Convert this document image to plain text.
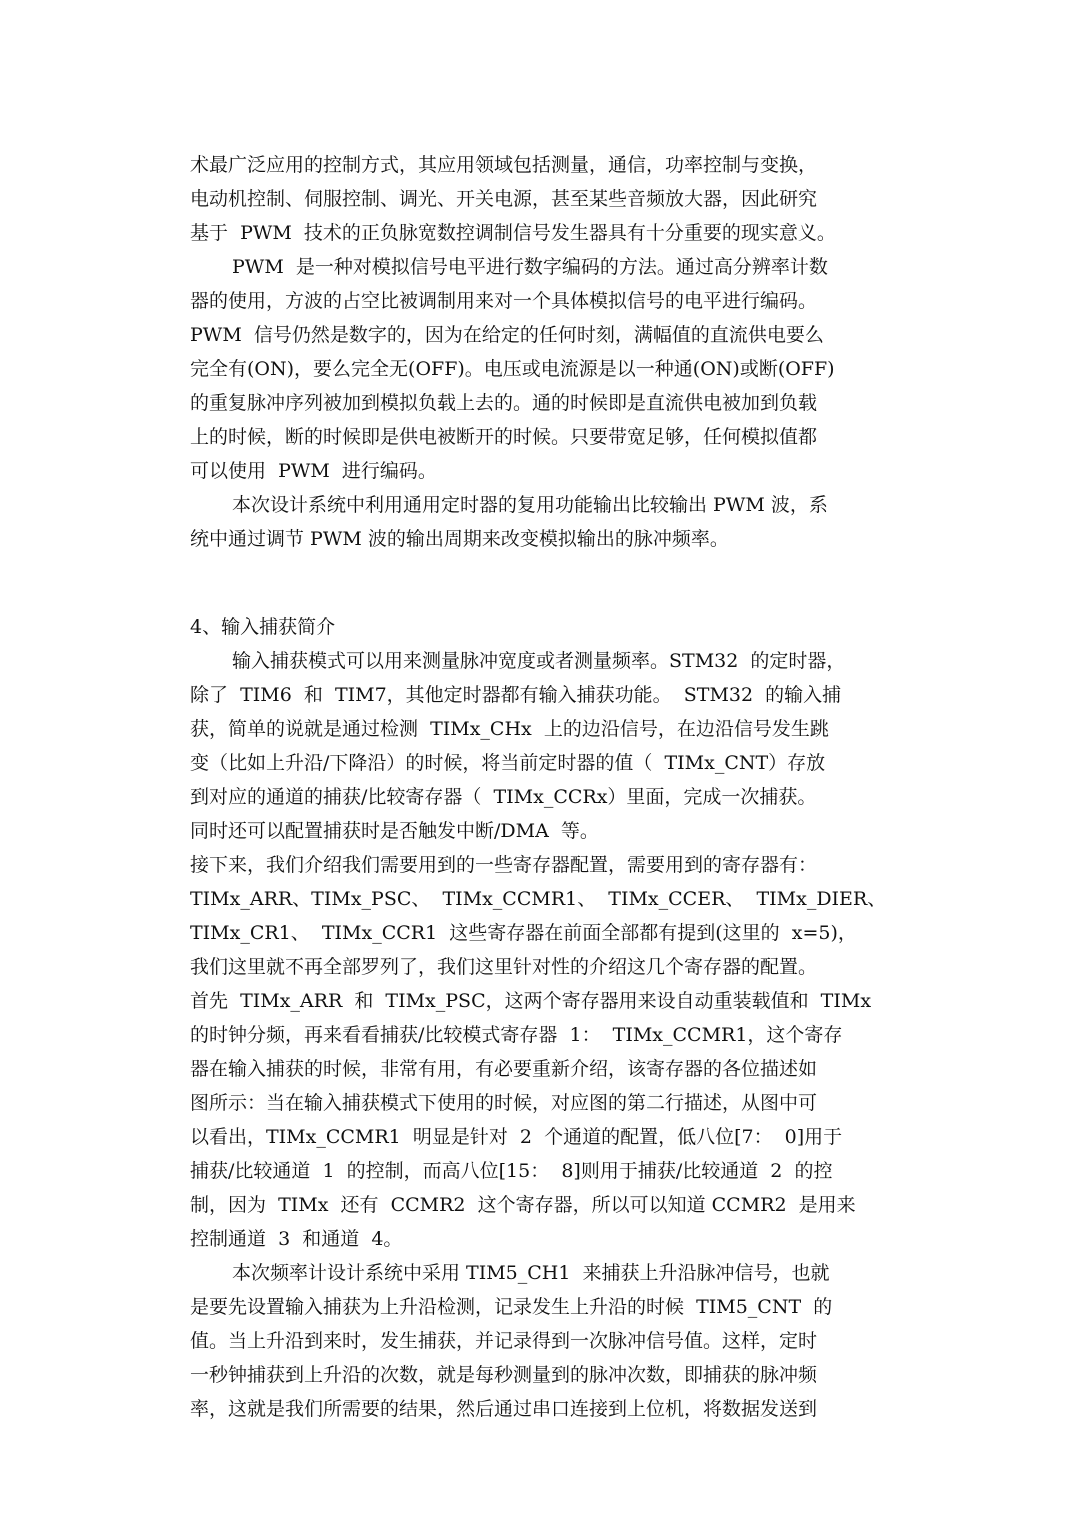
术最广泛应用的控制方式，其应用领域包括测量，通信，功率控制与变换，
电动机控制、伺服控制、调光、开关电源，甚至某些音频放大器，因此研究
基于  PWM  技术的正负脉宽数控调制信号发生器具有十分重要的现实意义。
PWM  是一种对模拟信号电平进行数字编码的方法。通过高分辨率计数
器的使用，方波的占空比被调制用来对一个具体模拟信号的电平进行编码。
PWM  信号仍然是数字的，因为在给定的任何时刻，满幅值的直流供电要么
完全有(ON)，要么完全无(OFF)。电压或电流源是以一种通(ON)或断(OFF)
的重复脉冲序列被加到模拟负载上去的。通的时候即是直流供电被加到负载
上的时候，断的时候即是供电被断开的时候。只要带宽足够，任何模拟值都
可以使用  PWM  进行编码。
本次设计系统中利用通用定时器的复用功能输出比较输出 PWM 波，系
统中通过调节 PWM 波的输出周期来改变模拟输出的脉冲频率。
4、输入捕获简介
输入捕获模式可以用来测量脉冲宽度或者测量频率。STM32  的定时器，
除了  TIM6  和  TIM7，其他定时器都有输入捕获功能。  STM32  的输入捕
获，简单的说就是通过检测  TIMx_CHx  上的边沿信号，在边沿信号发生跳
变（比如上升沿/下降沿）的时候，将当前定时器的值（  TIMx_CNT）存放
到对应的通道的捕获/比较寄存器（  TIMx_CCRx）里面，完成一次捕获。
同时还可以配置捕获时是否触发中断/DMA  等。
接下来，我们介绍我们需要用到的一些寄存器配置，需要用到的寄存器有：
TIMx_ARR、TIMx_PSC、  TIMx_CCMR1、  TIMx_CCER、  TIMx_DIER、
TIMx_CR1、  TIMx_CCR1  这些寄存器在前面全部都有提到(这里的  x=5)，
我们这里就不再全部罗列了，我们这里针对性的介绍这几个寄存器的配置。
首先  TIMx_ARR  和  TIMx_PSC，这两个寄存器用来设自动重装载值和  TIMx
的时钟分频，再来看看捕获/比较模式寄存器  1：  TIMx_CCMR1，这个寄存
器在输入捕获的时候，非常有用，有必要重新介绍，该寄存器的各位描述如
图所示：当在输入捕获模式下使用的时候，对应图的第二行描述，从图中可
以看出，TIMx_CCMR1  明显是针对  2  个通道的配置，低八位[7：  0]用于
捕获/比较通道  1  的控制，而高八位[15：  8]则用于捕获/比较通道  2  的控
制，因为  TIMx  还有  CCMR2  这个寄存器，所以可以知道 CCMR2  是用来
控制通道  3  和通道  4。
本次频率计设计系统中采用 TIM5_CH1  来捕获上升沿脉冲信号，也就
是要先设置输入捕获为上升沿检测，记录发生上升沿的时候  TIM5_CNT  的
值。当上升沿到来时，发生捕获，并记录得到一次脉冲信号值。这样，定时
一秒钟捕获到上升沿的次数，就是每秒测量到的脉冲次数，即捕获的脉冲频
率，这就是我们所需要的结果，然后通过串口连接到上位机，将数据发送到
